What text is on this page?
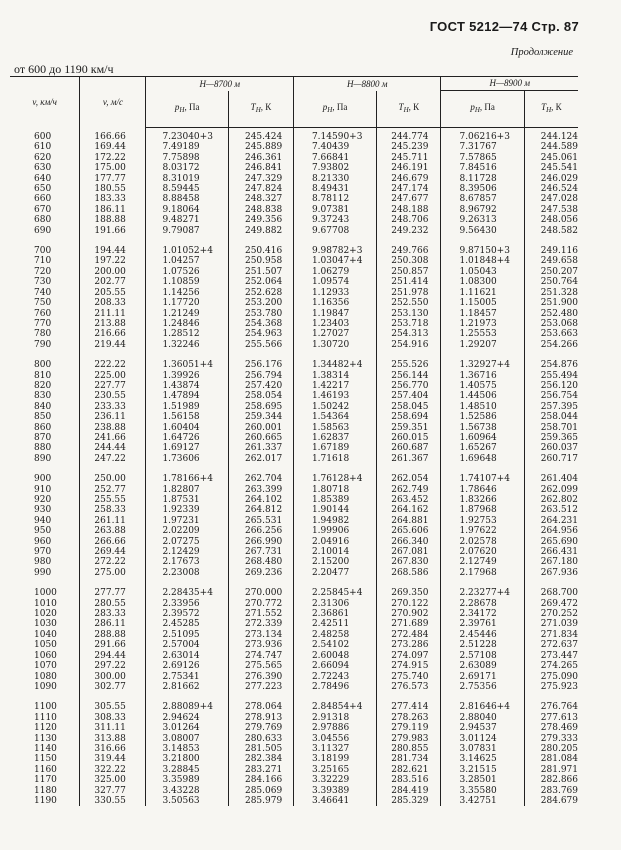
ГОСТ 5212—74 Стр. 87
Продолжение
от 600 до 1190 км/ч
v, км/ч	v, м/с	H—8700 м		H—8800 м		H—8900 м	
		$p_H$, Па	$T_H$, К	$p_H$, Па	$T_H$, К	$p_H$, Па	$T_H$, К
600	166.66	7.23040+3	245.424	7.14590+3	244.774	7.06216+3	244.124
610	169.44	7.49189	245.889	7.40439	245.239	7.31767	244.589
620	172.22	7.75898	246.361	7.66841	245.711	7.57865	245.061
630	175.00	8.03172	246.841	7.93802	246.191	7.84516	245.541
640	177.77	8.31019	247.329	8.21330	246.679	8.11728	246.029
650	180.55	8.59445	247.824	8.49431	247.174	8.39506	246.524
660	183.33	8.88458	248.327	8.78112	247.677	8.67857	247.028
670	186.11	9.18064	248.838	9.07381	248.188	8.96792	247.538
680	188.88	9.48271	249.356	9.37243	248.706	9.26313	248.056
690	191.66	9.79087	249.882	9.67708	249.232	9.56430	248.582

700	194.44	1.01052+4	250.416	9.98782+3	249.766	9.87150+3	249.116
710	197.22	1.04257	250.958	1.03047+4	250.308	1.01848+4	249.658
720	200.00	1.07526	251.507	1.06279	250.857	1.05043	250.207
730	202.77	1.10859	252.064	1.09574	251.414	1.08300	250.764
740	205.55	1.14256	252.628	1.12933	251.978	1.11621	251.328
750	208.33	1.17720	253.200	1.16356	252.550	1.15005	251.900
760	211.11	1.21249	253.780	1.19847	253.130	1.18457	252.480
770	213.88	1.24846	254.368	1.23403	253.718	1.21973	253.068
780	216.66	1.28512	254.963	1.27027	254.313	1.25553	253.663
790	219.44	1.32246	255.566	1.30720	254.916	1.29207	254.266

800	222.22	1.36051+4	256.176	1.34482+4	255.526	1.32927+4	254.876
810	225.00	1.39926	256.794	1.38314	256.144	1.36716	255.494
820	227.77	1.43874	257.420	1.42217	256.770	1.40575	256.120
830	230.55	1.47894	258.054	1.46193	257.404	1.44506	256.754
840	233.33	1.51989	258.695	1.50242	258.045	1.48510	257.395
850	236.11	1.56158	259.344	1.54364	258.694	1.52586	258.044
860	238.88	1.60404	260.001	1.58563	259.351	1.56738	258.701
870	241.66	1.64726	260.665	1.62837	260.015	1.60964	259.365
880	244.44	1.69127	261.337	1.67189	260.687	1.65267	260.037
890	247.22	1.73606	262.017	1.71618	261.367	1.69648	260.717

900	250.00	1.78166+4	262.704	1.76128+4	262.054	1.74107+4	261.404
910	252.77	1.82807	263.399	1.80718	262.749	1.78646	262.099
920	255.55	1.87531	264.102	1.85389	263.452	1.83266	262.802
930	258.33	1.92339	264.812	1.90144	264.162	1.87968	263.512
940	261.11	1.97231	265.531	1.94982	264.881	1.92753	264.231
950	263.88	2.02209	266.256	1.99906	265.606	1.97622	264.956
960	266.66	2.07275	266.990	2.04916	266.340	2.02578	265.690
970	269.44	2.12429	267.731	2.10014	267.081	2.07620	266.431
980	272.22	2.17673	268.480	2.15200	267.830	2.12749	267.180
990	275.00	2.23008	269.236	2.20477	268.586	2.17968	267.936

1000	277.77	2.28435+4	270.000	2.25845+4	269.350	2.23277+4	268.700
1010	280.55	2.33956	270.772	2.31306	270.122	2.28678	269.472
1020	283.33	2.39572	271.552	2.36861	270.902	2.34172	270.252
1030	286.11	2.45285	272.339	2.42511	271.689	2.39761	271.039
1040	288.88	2.51095	273.134	2.48258	272.484	2.45446	271.834
1050	291.66	2.57004	273.936	2.54102	273.286	2.51228	272.637
1060	294.44	2.63014	274.747	2.60048	274.097	2.57108	273.447
1070	297.22	2.69126	275.565	2.66094	274.915	2.63089	274.265
1080	300.00	2.75341	276.390	2.72243	275.740	2.69171	275.090
1090	302.77	2.81662	277.223	2.78496	276.573	2.75356	275.923

1100	305.55	2.88089+4	278.064	2.84854+4	277.414	2.81646+4	276.764
1110	308.33	2.94624	278.913	2.91318	278.263	2.88040	277.613
1120	311.11	3.01264	279.769	2.97886	279.119	2.94537	278.469
1130	313.88	3.08007	280.633	3.04556	279.983	3.01124	279.333
1140	316.66	3.14853	281.505	3.11327	280.855	3.07831	280.205
1150	319.44	3.21800	282.384	3.18199	281.734	3.14625	281.084
1160	322.22	3.28845	283.271	3.25165	282.621	3.21515	281.971
1170	325.00	3.35989	284.166	3.32229	283.516	3.28501	282.866
1180	327.77	3.43228	285.069	3.39389	284.419	3.35580	283.769
1190	330.55	3.50563	285.979	3.46641	285.329	3.42751	284.679
